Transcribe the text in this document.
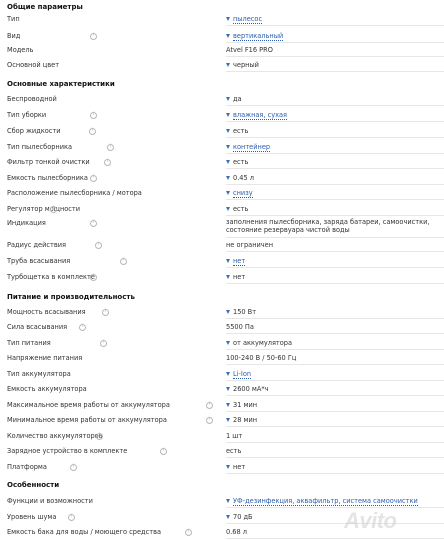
Общие параметры
Тип	пылесос
Вид i	вертикальный
Модель	Atvel F16 PRO
Основной цвет	черный
Основные характеристики
Беспроводной	да
Тип уборки i	влажная, сухая
Сбор жидкости i	есть
Тип пылесборника i	контейнер
Фильтр тонкой очистки i	есть
Емкость пылесборника i	0.45 л
Расположение пылесборника / мотора	снизу
Регулятор мощности i	есть
Индикация i	заполнения пылесборника, заряда батареи, самоочистки, состояние резервуара чистой воды
Радиус действия i	не ограничен
Труба всасывания i	нет
Турбощетка в комплекте i	нет
Питание и производительность
Мощность всасывания i	150 Вт
Сила всасывания i	5500 Па
Тип питания i	от аккумулятора
Напряжение питания	100-240 В / 50-60 Гц
Тип аккумулятора	Li-Ion
Емкость аккумулятора	2600 мА*ч
Максимальное время работы от аккумулятора i	31 мин
Минимальное время работы от аккумулятора i	28 мин
Количество аккумуляторов i	1 шт
Зарядное устройство в комплекте i	есть
Платформа i	нет
Особенности
Функции и возможности	УФ-дезинфекция, аквафильтр, система самоочистки
Уровень шума i	70 дБ
Емкость бака для воды / моющего средства i	0.68 л	Avito
